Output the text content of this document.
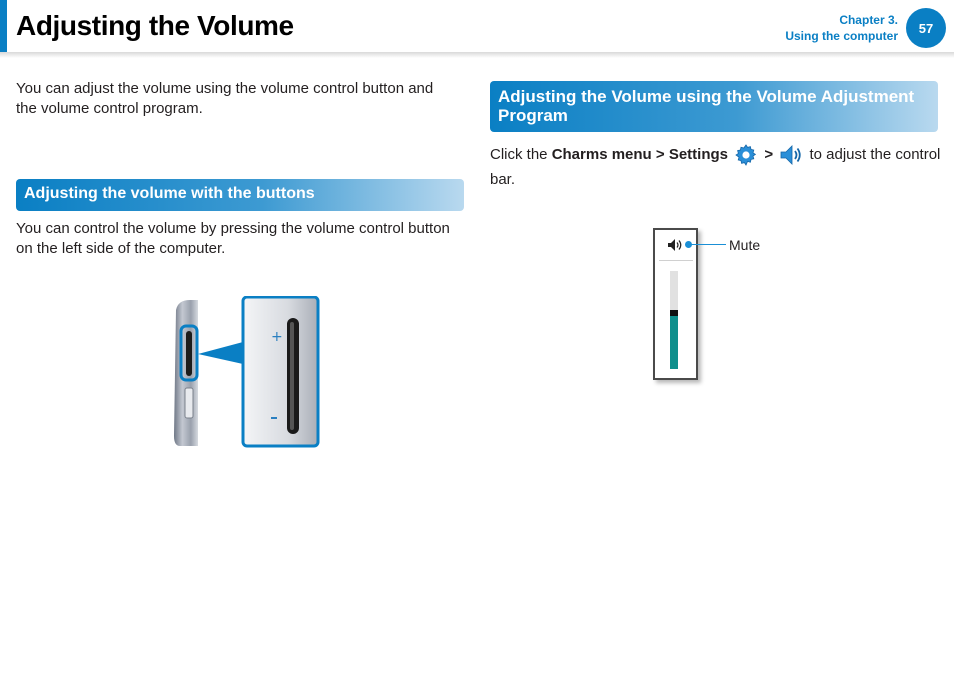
Adjusting the Volume	Chapter 3.
Using the computer
57

You can adjust the volume using the volume control button and the volume control program.

Adjusting the volume with the buttons

You can control the volume by pressing the volume control button on the left side of the computer.

+
Adjusting the Volume using the Volume Adjustment Program
Click the Charms menu > Settings  >  to adjust the control
bar.
Mute
